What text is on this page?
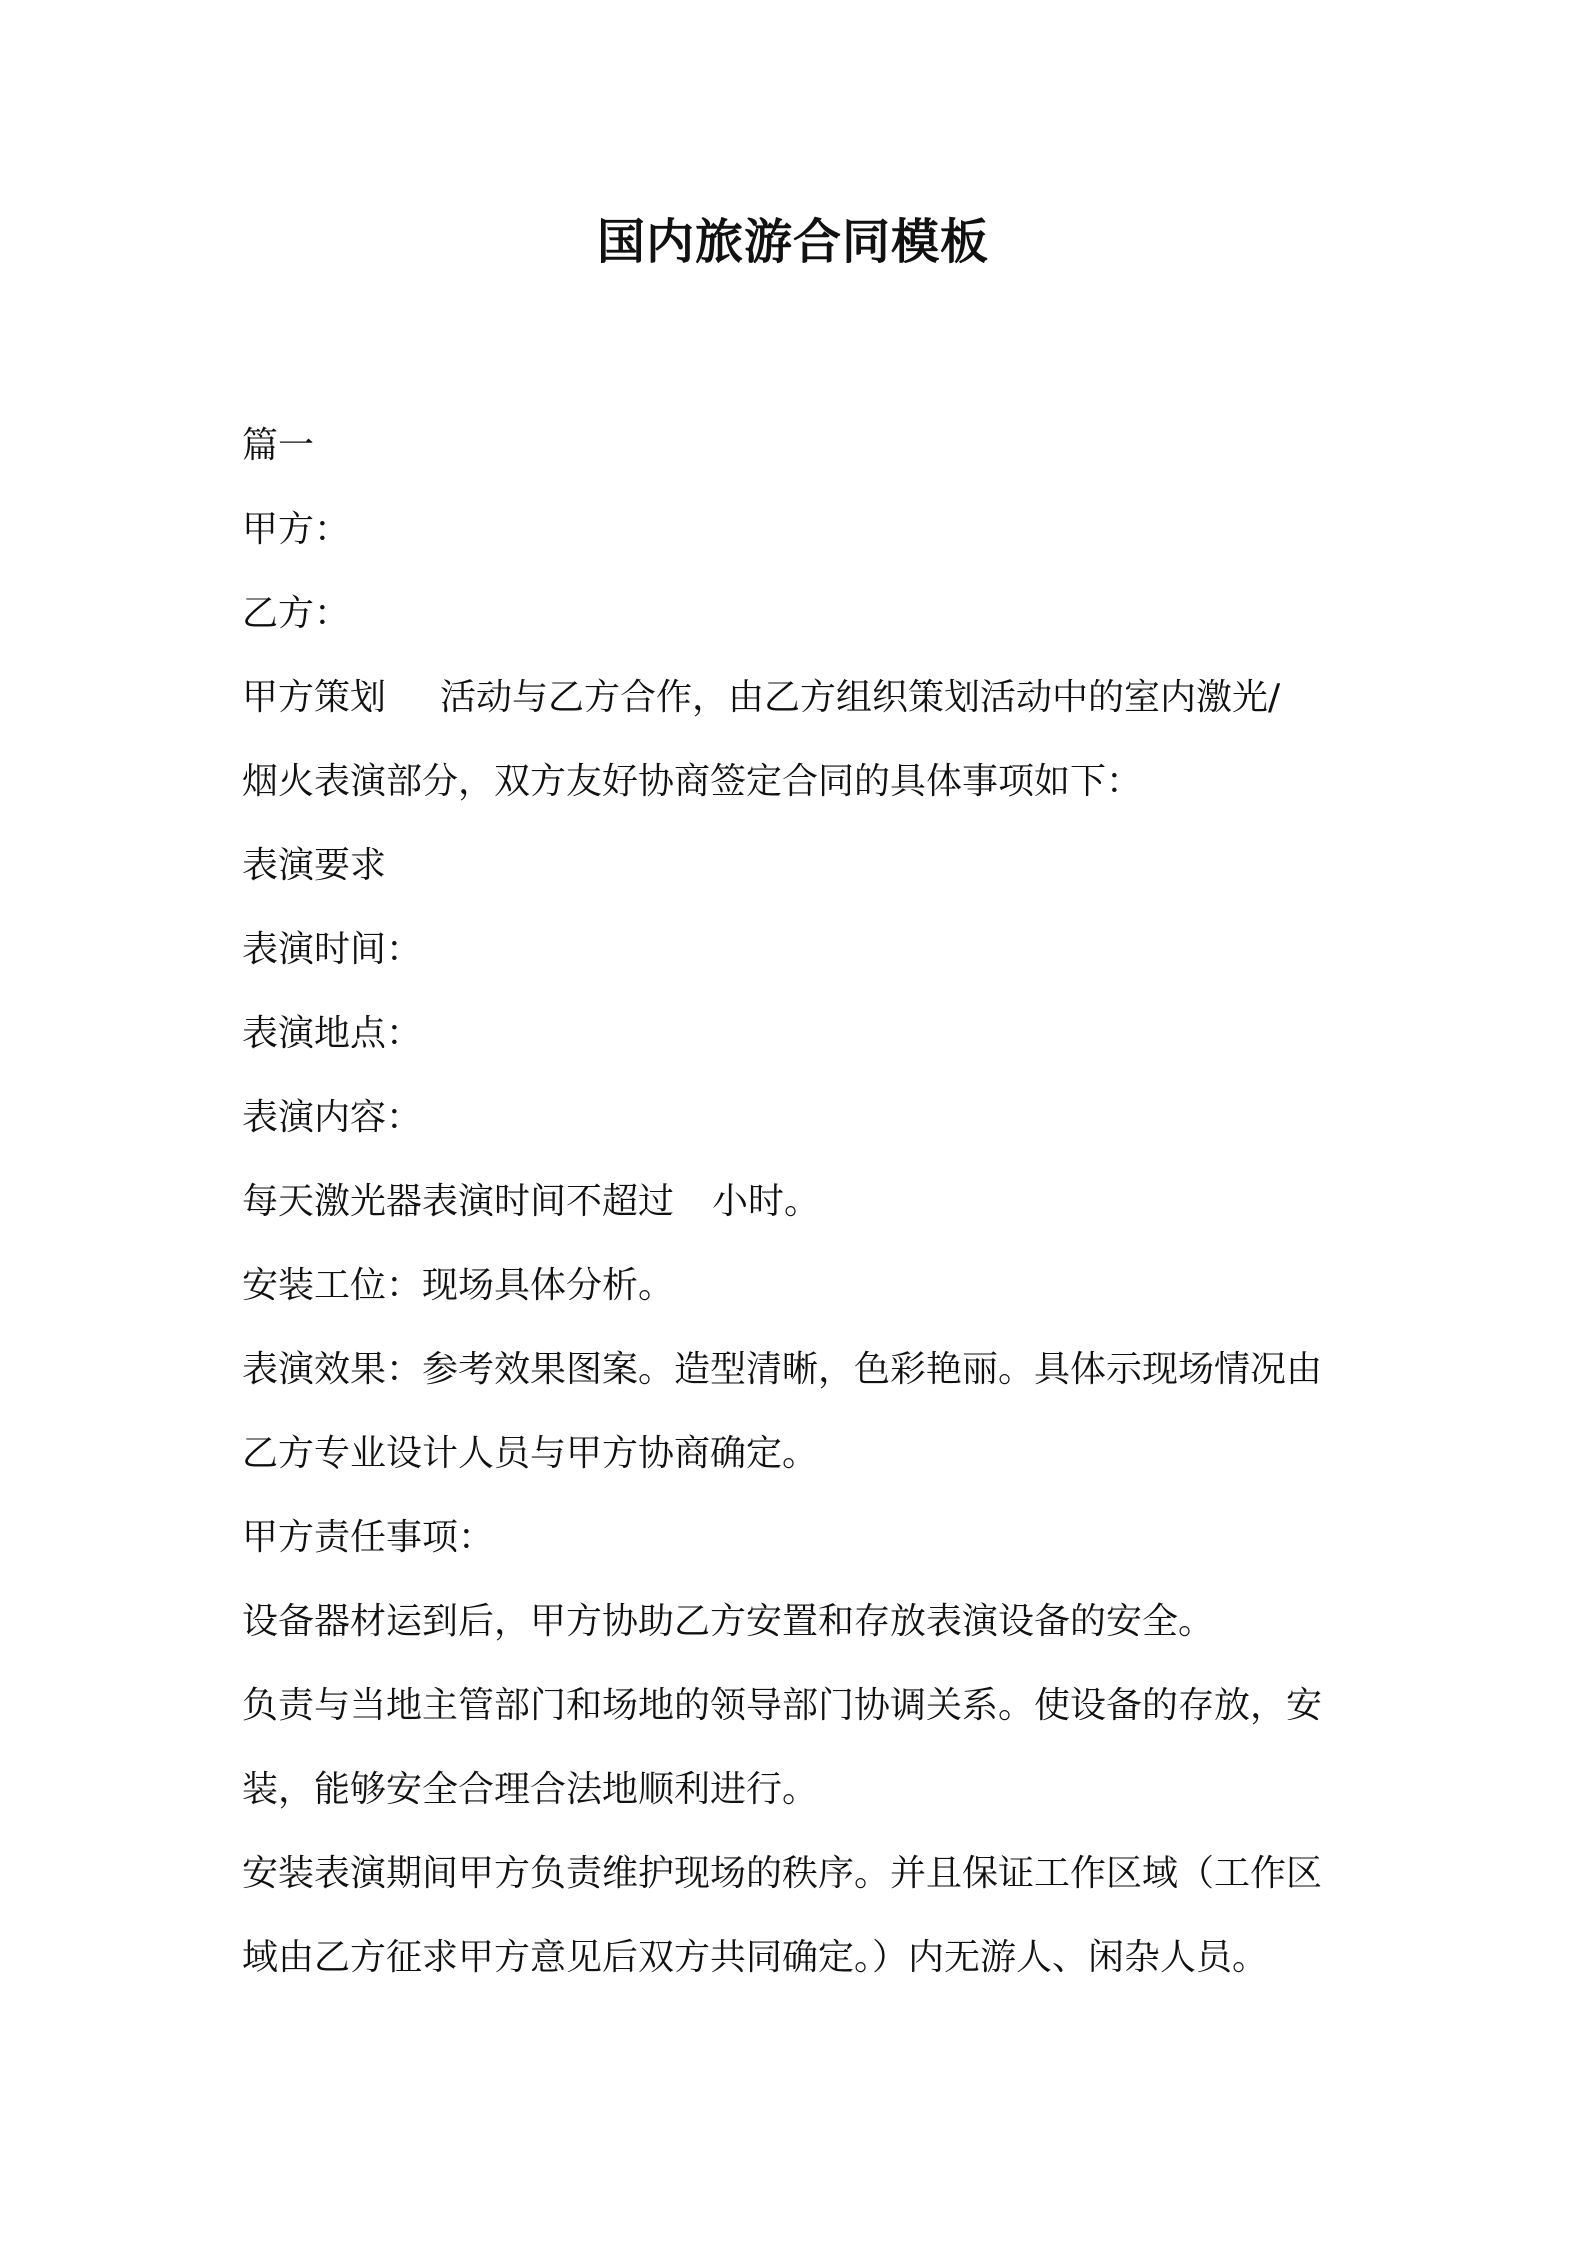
国内旅游合同模板

篇一

甲方：

乙方：

甲方策划 活动与乙方合作，由乙方组织策划活动中的室内激光/

烟火表演部分，双方友好协商签定合同的具体事项如下：

表演要求

表演时间：

表演地点：

表演内容：

每天激光器表演时间不超过 小时。

安装工位：现场具体分析。

表演效果：参考效果图案。造型清晰，色彩艳丽。具体示现场情况由

乙方专业设计人员与甲方协商确定。

甲方责任事项：

设备器材运到后，甲方协助乙方安置和存放表演设备的安全。

负责与当地主管部门和场地的领导部门协调关系。使设备的存放，安

装，能够安全合理合法地顺利进行。

安装表演期间甲方负责维护现场的秩序。并且保证工作区域（工作区

域由乙方征求甲方意见后双方共同确定。）内无游人、闲杂人员。
